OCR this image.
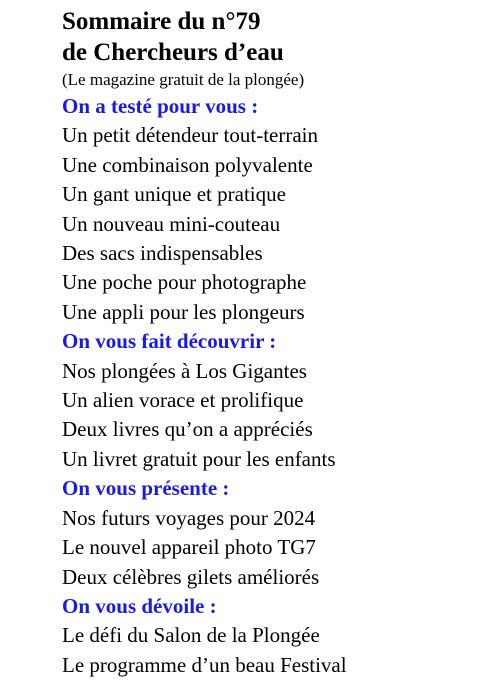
Sommaire du n°79
de Chercheurs d’eau

(Le magazine gratuit de la plongée)

On a testé pour vous :
Un petit détendeur tout-terrain
Une combinaison polyvalente
Un gant unique et pratique
Un nouveau mini-couteau
Des sacs indispensables
Une poche pour photographe
Une appli pour les plongeurs
On vous fait découvrir :
Nos plongées à Los Gigantes
Un alien vorace et prolifique
Deux livres qu’on a appréciés
Un livret gratuit pour les enfants
On vous présente :
Nos futurs voyages pour 2024
Le nouvel appareil photo TG7
Deux célèbres gilets améliorés
On vous dévoile :
Le défi du Salon de la Plongée
Le programme d’un beau Festival
